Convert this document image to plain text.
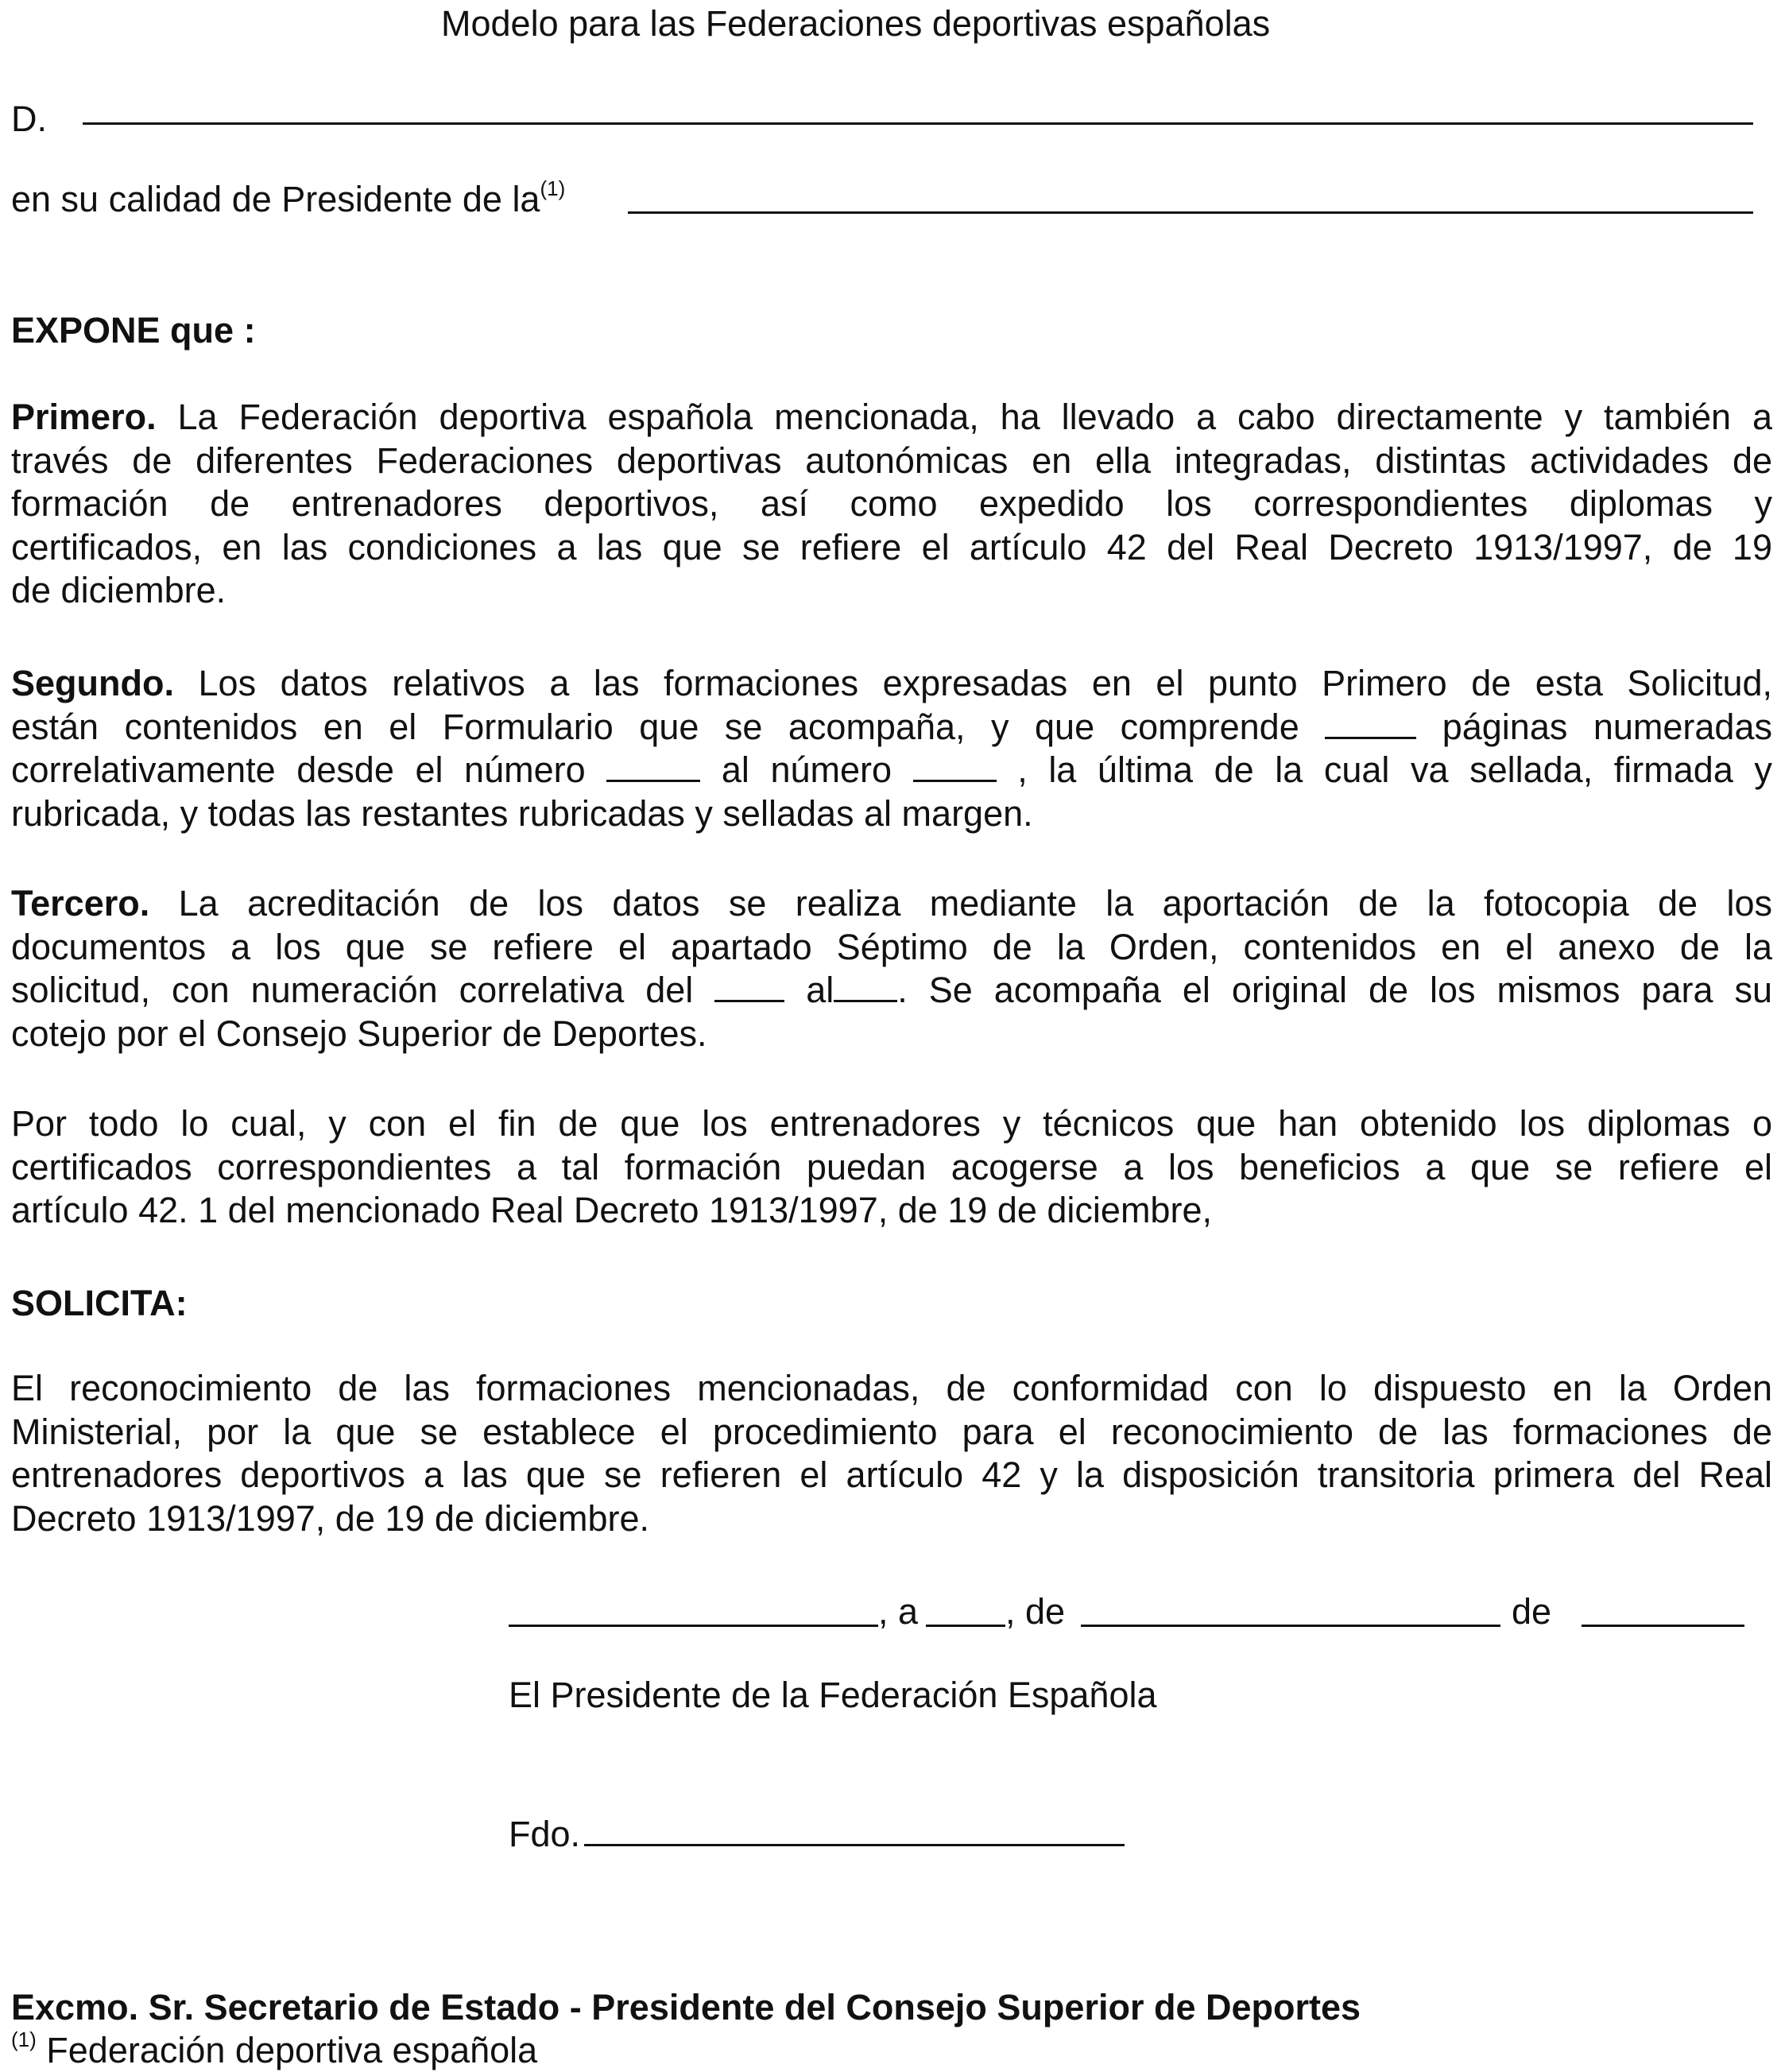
Modelo para las Federaciones deportivas españolas
D.
en su calidad de Presidente de la$^{(1)}$
EXPONE que :
Primero. La Federación deportiva española mencionada, ha llevado a cabo directamente y también a
través de diferentes Federaciones deportivas autonómicas en ella integradas, distintas actividades de
formación de entrenadores deportivos, así como expedido los correspondientes diplomas y
certificados, en las condiciones a las que se refiere el artículo 42 del Real Decreto 1913/1997, de 19
de diciembre.
Segundo. Los datos relativos a las formaciones expresadas en el punto Primero de esta Solicitud,
están contenidos en el Formulario que se acompaña, y que comprende	páginas numeradas
correlativamente desde el número	al número	, la última de la cual va sellada, firmada y
rubricada, y todas las restantes rubricadas y selladas al margen.
Tercero. La acreditación de los datos se realiza mediante la aportación de la fotocopia de los
documentos a los que se refiere el apartado Séptimo de la Orden, contenidos en el anexo de la
solicitud, con numeración correlativa del	al . Se acompaña el original de los mismos para su
cotejo por el Consejo Superior de Deportes.
Por todo lo cual, y con el fin de que los entrenadores y técnicos que han obtenido los diplomas o
certificados correspondientes a tal formación puedan acogerse a los beneficios a que se refiere el
artículo 42. 1 del mencionado Real Decreto 1913/1997, de 19 de diciembre,
SOLICITA:
El reconocimiento de las formaciones mencionadas, de conformidad con lo dispuesto en la Orden
Ministerial, por la que se establece el procedimiento para el reconocimiento de las formaciones de
entrenadores deportivos a las que se refieren el artículo 42 y la disposición transitoria primera del Real
Decreto 1913/1997, de 19 de diciembre.
, a , de	de
El Presidente de la Federación Española
Fdo.
Excmo. Sr. Secretario de Estado - Presidente del Consejo Superior de Deportes
$^{(1)}$ Federación deportiva española
